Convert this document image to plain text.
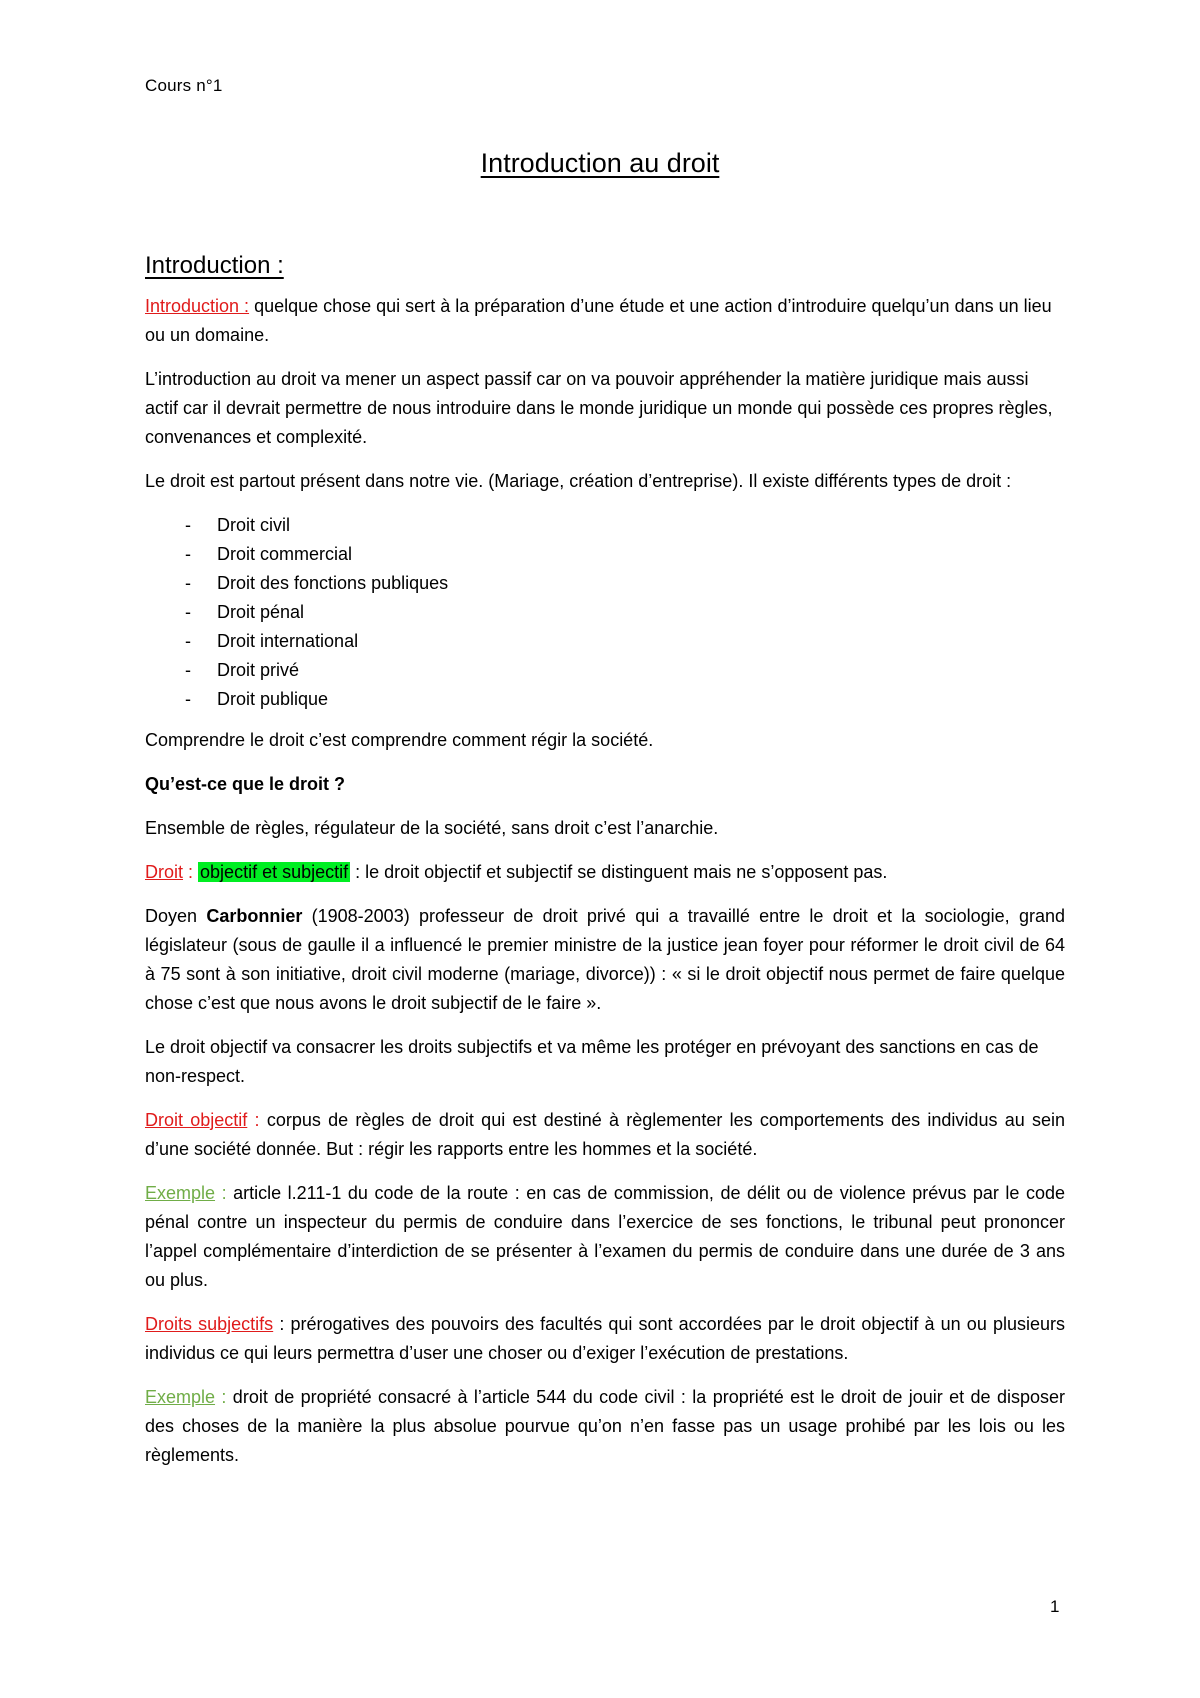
Cours n°1
Introduction au droit
Introduction :

Introduction : quelque chose qui sert à la préparation d’une étude et une action d’introduire quelqu’un dans un lieu ou un domaine.

L’introduction au droit va mener un aspect passif car on va pouvoir appréhender la matière juridique mais aussi actif car il devrait permettre de nous introduire dans le monde juridique un monde qui possède ces propres règles, convenances et complexité.

Le droit est partout présent dans notre vie. (Mariage, création d’entreprise). Il existe différents types de droit :

- Droit civil
- Droit commercial
- Droit des fonctions publiques
- Droit pénal
- Droit international
- Droit privé
- Droit publique

Comprendre le droit c’est comprendre comment régir la société.

Qu’est-ce que le droit ?

Ensemble de règles, régulateur de la société, sans droit c’est l’anarchie.

Droit : objectif et subjectif : le droit objectif et subjectif se distinguent mais ne s’opposent pas.

Doyen Carbonnier (1908-2003) professeur de droit privé qui a travaillé entre le droit et la sociologie, grand législateur (sous de gaulle il a influencé le premier ministre de la justice jean foyer pour réformer le droit civil de 64 à 75 sont à son initiative, droit civil moderne (mariage, divorce)) : « si le droit objectif nous permet de faire quelque chose c’est que nous avons le droit subjectif de le faire ».

Le droit objectif va consacrer les droits subjectifs et va même les protéger en prévoyant des sanctions en cas de non-respect.

Droit objectif : corpus de règles de droit qui est destiné à règlementer les comportements des individus au sein d’une société donnée. But : régir les rapports entre les hommes et la société.

Exemple : article l.211-1 du code de la route : en cas de commission, de délit ou de violence prévus par le code pénal contre un inspecteur du permis de conduire dans l’exercice de ses fonctions, le tribunal peut prononcer l’appel complémentaire d’interdiction de se présenter à l’examen du permis de conduire dans une durée de 3 ans ou plus.

Droits subjectifs : prérogatives des pouvoirs des facultés qui sont accordées par le droit objectif à un ou plusieurs individus ce qui leurs permettra d’user une choser ou d’exiger l’exécution de prestations.

Exemple : droit de propriété consacré à l’article 544 du code civil : la propriété est le droit de jouir et de disposer des choses de la manière la plus absolue pourvue qu’on n’en fasse pas un usage prohibé par les lois ou les règlements.

1
